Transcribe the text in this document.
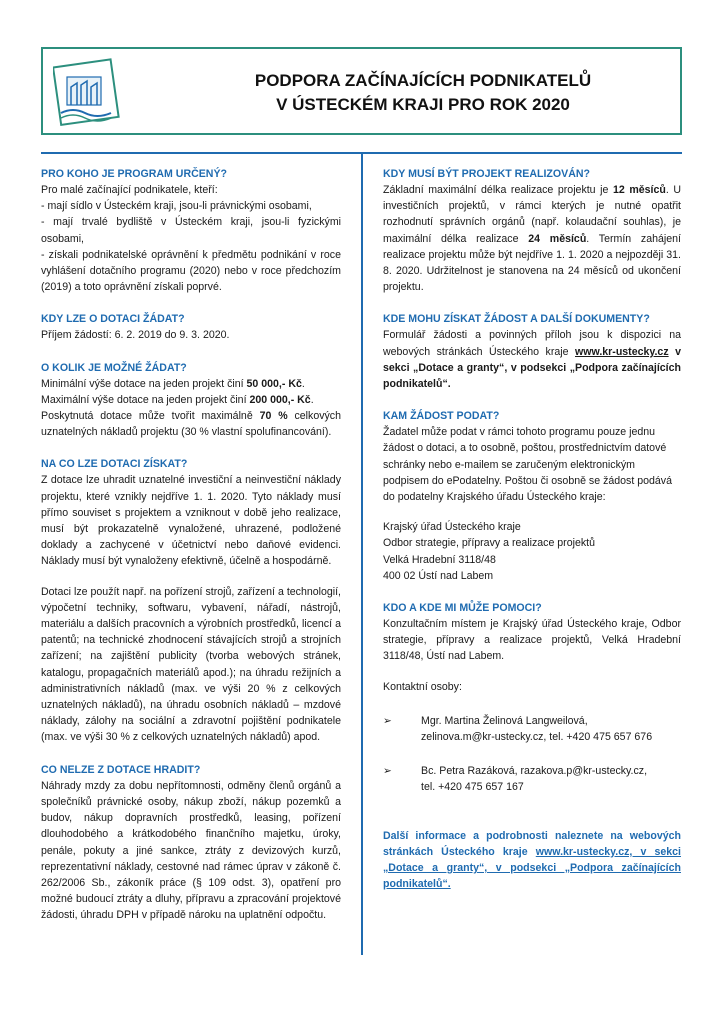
PODPORA ZAČÍNAJÍCÍCH PODNIKATELŮ
V ÚSTECKÉM KRAJI PRO ROK 2020
PRO KOHO JE PROGRAM URČENÝ?

Pro malé začínající podnikatele, kteří:

- mají sídlo v Ústeckém kraji, jsou-li právnickými osobami,

- mají trvalé bydliště v Ústeckém kraji, jsou-li fyzickými osobami,

- získali podnikatelské oprávnění k předmětu podnikání v roce vyhlášení dotačního programu (2020) nebo v roce předchozím (2019) a toto oprávnění získali poprvé.

KDY LZE O DOTACI ŽÁDAT?

Příjem žádostí: 6. 2. 2019 do 9. 3. 2020.

O KOLIK JE MOŽNÉ ŽÁDAT?

Minimální výše dotace na jeden projekt činí 50 000,- Kč.

Maximální výše dotace na jeden projekt činí 200 000,- Kč.

Poskytnutá dotace může tvořit maximálně 70 % celkových uznatelných nákladů projektu (30 % vlastní spolufinancování).

NA CO LZE DOTACI ZÍSKAT?

Z dotace lze uhradit uznatelné investiční a neinvestiční náklady projektu, které vznikly nejdříve 1. 1. 2020. Tyto náklady musí přímo souviset s projektem a vzniknout v době jeho realizace, musí být prokazatelně vynaložené, uhrazené, podložené doklady a zachycené v účetnictví nebo daňové evidenci. Náklady musí být vynaloženy efektivně, účelně a hospodárně.

Dotaci lze použít např. na pořízení strojů, zařízení a technologií, výpočetní techniky, softwaru, vybavení, nářadí, nástrojů, materiálu a dalších pracovních a výrobních prostředků, licencí a patentů; na technické zhodnocení stávajících strojů a strojních zařízení; na zajištění publicity (tvorba webových stránek, katalogu, propagačních materiálů apod.); na úhradu režijních a administrativních nákladů (max. ve výši 20 % z celkových uznatelných nákladů), na úhradu osobních nákladů – mzdové náklady, zálohy na sociální a zdravotní pojištění podnikatele (max. ve výši 30 % z celkových uznatelných nákladů) apod.

CO NELZE Z DOTACE HRADIT?

Náhrady mzdy za dobu nepřítomnosti, odměny členů orgánů a společníků právnické osoby, nákup zboží, nákup pozemků a budov, nákup dopravních prostředků, leasing, pořízení dlouhodobého a krátkodobého finančního majetku, úroky, penále, pokuty a jiné sankce, ztráty z devizových kurzů, reprezentativní náklady, cestovné nad rámec úprav v zákoně č. 262/2006 Sb., zákoník práce (§ 109 odst. 3), opatření pro možné budoucí ztráty a dluhy, přípravu a zpracování projektové žádosti, úhradu DPH v případě nároku na uplatnění odpočtu.

KDY MUSÍ BÝT PROJEKT REALIZOVÁN?

Základní maximální délka realizace projektu je 12 měsíců. U investičních projektů, v rámci kterých je nutné opatřit rozhodnutí správních orgánů (např. kolaudační souhlas), je maximální délka realizace 24 měsíců. Termín zahájení realizace projektu může být nejdříve 1. 1. 2020 a nejpozději 31. 8. 2020. Udržitelnost je stanovena na 24 měsíců od ukončení projektu.

KDE MOHU ZÍSKAT ŽÁDOST A DALŠÍ DOKUMENTY?

Formulář žádosti a povinných příloh jsou k dispozici na webových stránkách Ústeckého kraje www.kr-ustecky.cz v sekci „Dotace a granty“, v podsekci „Podpora začínajících podnikatelů“.

KAM ŽÁDOST PODAT?

Žadatel může podat v rámci tohoto programu pouze jednu žádost o dotaci, a to osobně, poštou, prostřednictvím datové schránky nebo e-mailem se zaručeným elektronickým podpisem do ePodatelny. Poštou či osobně se žádost podává do podatelny Krajského úřadu Ústeckého kraje:

Krajský úřad Ústeckého kraje

Odbor strategie, přípravy a realizace projektů

Velká Hradební 3118/48

400 02 Ústí nad Labem

KDO A KDE MI MŮŽE POMOCI?

Konzultačním místem je Krajský úřad Ústeckého kraje, Odbor strategie, přípravy a realizace projektů, Velká Hradební 3118/48, Ústí nad Labem.

Kontaktní osoby:

➢	Mgr. Martina Želinová Langweilová,

zelinova.m@kr-ustecky.cz, tel. +420 475 657 676

➢	Bc. Petra Razáková, razakova.p@kr-ustecky.cz,

tel. +420 475 657 167

Další informace a podrobnosti naleznete na webových stránkách Ústeckého kraje www.kr-ustecky.cz, v sekci „Dotace a granty“, v podsekci „Podpora začínajících podnikatelů“.
